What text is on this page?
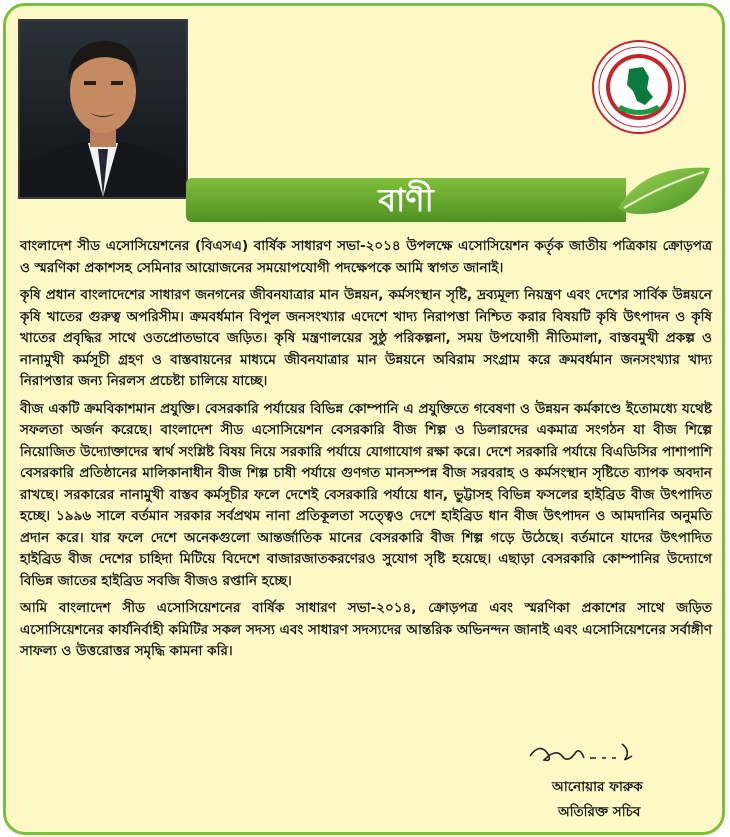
বাণী

বাংলাদেশ সীড এসোসিয়েশনের (বিএসএ) বার্ষিক সাধারণ সভা-২০১৪ উপলক্ষে এসোসিয়েশন কর্তৃক জাতীয় পত্রিকায় ক্রোড়পত্র ও স্মরণিকা প্রকাশসহ সেমিনার আয়োজনের সময়োপযোগী পদক্ষেপকে আমি স্বাগত জানাই।

কৃষি প্রধান বাংলাদেশের সাধারণ জনগনের জীবনযাত্রার মান উন্নয়ন, কর্মসংস্থান সৃষ্টি, দ্রব্যমূল্য নিয়ন্ত্রণ এবং দেশের সার্বিক উন্নয়নে কৃষি খাতের গুরুত্ব অপরিসীম। ক্রমবর্ধমান বিপুল জনসংখ্যার এদেশে খাদ্য নিরাপত্তা নিশ্চিত করার বিষয়টি কৃষি উৎপাদন ও কৃষি খাতের প্রবৃদ্ধির সাথে ওতপ্রোতভাবে জড়িত। কৃষি মন্ত্রণালয়ের সুষ্ঠু পরিকল্পনা, সময় উপযোগী নীতিমালা, বাস্তবমুখী প্রকল্প ও নানামুখী কর্মসূচী গ্রহণ ও বাস্তবায়নের মাধ্যমে জীবনযাত্রার মান উন্নয়নে অবিরাম সংগ্রাম করে ক্রমবর্ধমান জনসংখ্যার খাদ্য নিরাপত্তার জন্য নিরলস প্রচেষ্টা চালিয়ে যাচ্ছে।

বীজ একটি ক্রমবিকাশমান প্রযুক্তি। বেসরকারি পর্যায়ের বিভিন্ন কোম্পানি এ প্রযুক্তিতে গবেষণা ও উন্নয়ন কর্মকাণ্ডে ইতোমধ্যে যথেষ্ট সফলতা অর্জন করেছে। বাংলাদেশ সীড এসোসিয়েশন বেসরকারি বীজ শিল্প ও ডিলারদের একমাত্র সংগঠন যা বীজ শিল্পে নিয়োজিত উদ্যোক্তাদের স্বার্থ সংশ্লিষ্ট বিষয় নিয়ে সরকারি পর্যায়ে যোগাযোগ রক্ষা করে। দেশে সরকারি পর্যায়ে বিএডিসির পাশাপাশি বেসরকারি প্রতিষ্ঠানের মালিকানাধীন বীজ শিল্প চাষী পর্যায়ে গুণগত মানসম্পন্ন বীজ সরবরাহ ও কর্মসংস্থান সৃষ্টিতে ব্যাপক অবদান রাখছে। সরকারের নানামুখী বাস্তব কর্মসূচীর ফলে দেশেই বেসরকারি পর্যায়ে ধান, ভুট্টাসহ বিভিন্ন ফসলের হাইব্রিড বীজ উৎপাদিত হচ্ছে। ১৯৯৬ সালে বর্তমান সরকার সর্বপ্রথম নানা প্রতিকূলতা সত্ত্বেও দেশে হাইব্রিড ধান বীজ উৎপাদন ও আমদানির অনুমতি প্রদান করে। যার ফলে দেশে অনেকগুলো আন্তর্জাতিক মানের বেসরকারি বীজ শিল্প গড়ে উঠেছে। বর্তমানে যাদের উৎপাদিত হাইব্রিড বীজ দেশের চাহিদা মিটিয়ে বিদেশে বাজারজাতকরণেরও সুযোগ সৃষ্টি হয়েছে। এছাড়া বেসরকারি কোম্পানির উদ্যোগে বিভিন্ন জাতের হাইব্রিড সবজি বীজও রপ্তানি হচ্ছে।

আমি বাংলাদেশ সীড এসোসিয়েশনের বার্ষিক সাধারণ সভা-২০১৪, ক্রোড়পত্র এবং স্মরণিকা প্রকাশের সাথে জড়িত এসোসিয়েশনের কার্যনির্বাহী কমিটির সকল সদস্য এবং সাধারণ সদস্যদের আন্তরিক অভিনন্দন জানাই এবং এসোসিয়েশনের সর্বাঙ্গীণ সাফল্য ও উত্তরোত্তর সমৃদ্ধি কামনা করি।

আনোয়ার ফারুক
অতিরিক্ত সচিব
